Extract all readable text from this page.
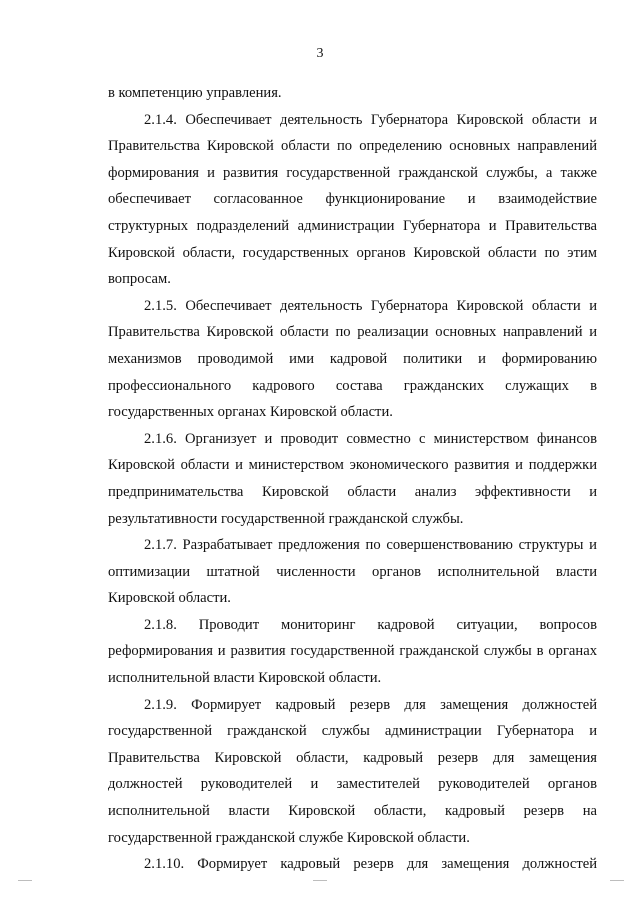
3

в компетенцию управления.

2.1.4. Обеспечивает деятельность Губернатора Кировской области и Правительства Кировской области по определению основных направлений формирования и развития государственной гражданской службы, а также обеспечивает согласованное функционирование и взаимодействие структурных подразделений администрации Губернатора и Правительства Кировской области, государственных органов Кировской области по этим вопросам.

2.1.5. Обеспечивает деятельность Губернатора Кировской области и Правительства Кировской области по реализации основных направлений и механизмов проводимой ими кадровой политики и формированию профессионального кадрового состава гражданских служащих в государственных органах Кировской области.

2.1.6. Организует и проводит совместно с министерством финансов Кировской области и министерством экономического развития и поддержки предпринимательства Кировской области анализ эффективности и результативности государственной гражданской службы.

2.1.7. Разрабатывает предложения по совершенствованию структуры и оптимизации штатной численности органов исполнительной власти Кировской области.

2.1.8. Проводит мониторинг кадровой ситуации, вопросов реформирования и развития государственной гражданской службы в органах исполнительной власти Кировской области.

2.1.9. Формирует кадровый резерв для замещения должностей государственной гражданской службы администрации Губернатора и Правительства Кировской области, кадровый резерв для замещения должностей руководителей и заместителей руководителей органов исполнительной власти Кировской области, кадровый резерв на государственной гражданской службе Кировской области.

2.1.10. Формирует кадровый резерв для замещения должностей
